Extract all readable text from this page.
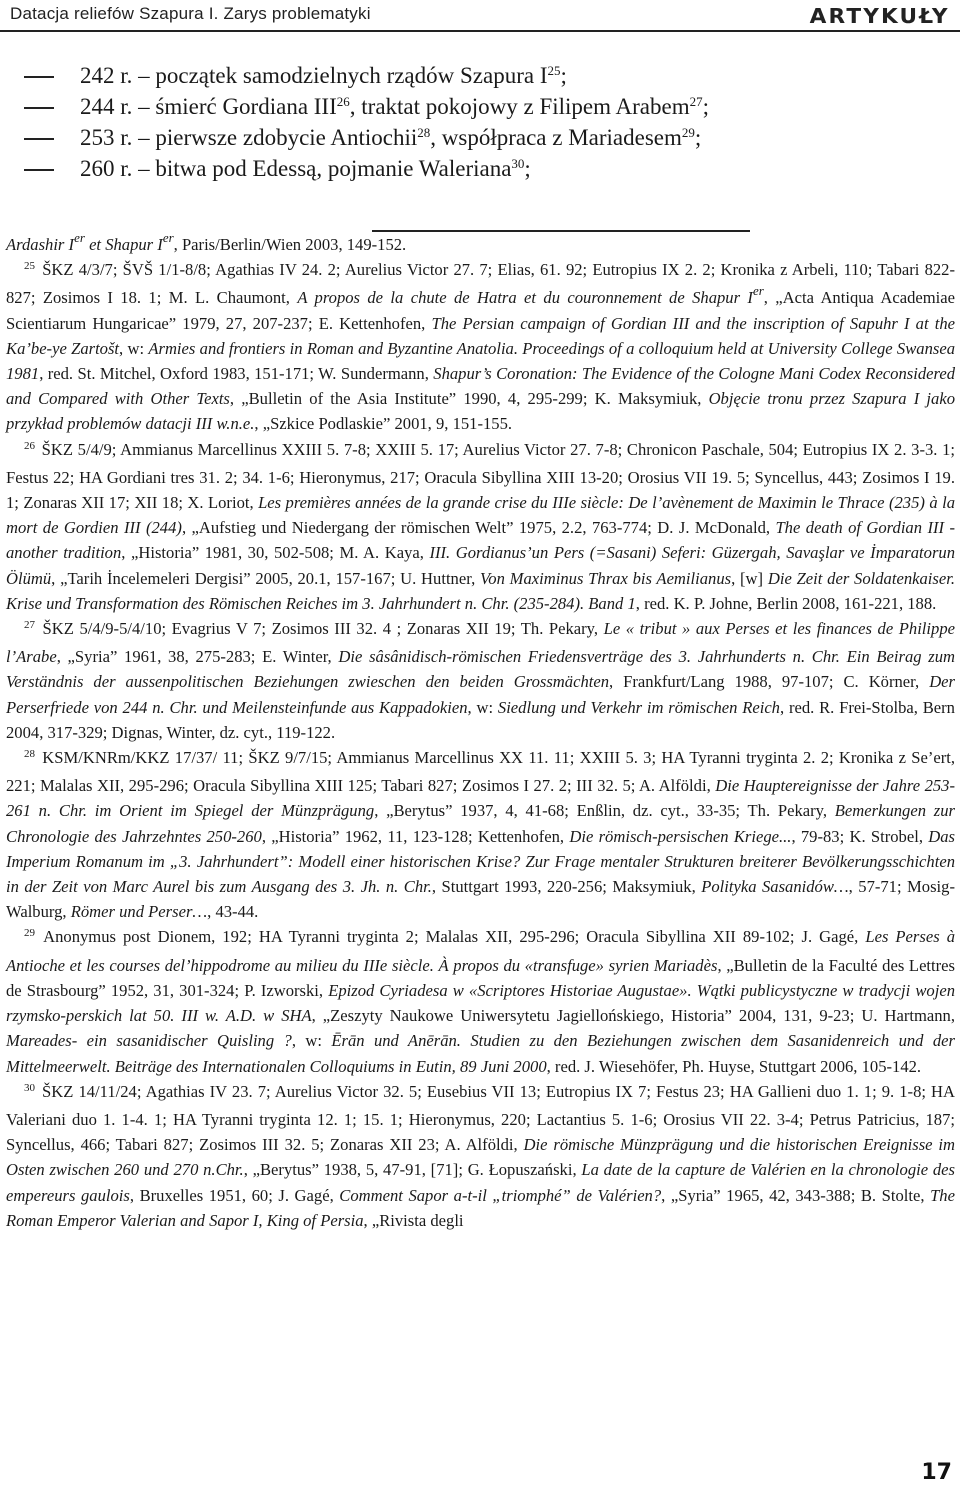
Datacja reliefów Szapura I. Zarys problematyki	ARTYKUŁY
242 r. – początek samodzielnych rządów Szapura $I^{25}$;
244 r. – śmierć Gordiana III$^{26}$, traktat pokojowy z Filipem Arabem$^{27}$;
253 r. – pierwsze zdobycie Antiochii$^{28}$, współpraca z Mariadesem$^{29}$;
260 r. – bitwa pod Edessą, pojmanie Waleriana$^{30}$;

Ardashir Ier et Shapur Ier, Paris/Berlin/Wien 2003, 149-152.

$^{25}$ ŠKZ 4/3/7; ŠVŠ 1/1-8/8; Agathias IV 24. 2; Aurelius Victor 27. 7; Elias, 61. 92; Eutropius IX 2. 2; Kronika z Arbeli, 110; Tabari 822-827; Zosimos I 18. 1; M. L. Chaumont, A propos de la chute de Hatra et du couronnement de Shapur Ier, „Acta Antiqua Academiae Scientiarum Hungaricae” 1979, 27, 207-237; E. Kettenhofen, The Persian campaign of Gordian III and the inscription of Sapuhr I at the Ka’be-ye Zartošt, w: Armies and frontiers in Roman and Byzantine Anatolia. Proceedings of a colloquium held at University College Swansea 1981, red. St. Mitchel, Oxford 1983, 151-171; W. Sundermann, Shapur’s Coronation: The Evidence of the Cologne Mani Codex Reconsidered and Compared with Other Texts, „Bulletin of the Asia Institute” 1990, 4, 295-299; K. Maksymiuk, Objęcie tronu przez Szapura I jako przykład problemów datacji III w.n.e., „Szkice Podlaskie” 2001, 9, 151-155.

$^{26}$ ŠKZ 5/4/9; Ammianus Marcellinus XXIII 5. 7-8; XXIII 5. 17; Aurelius Victor 27. 7-8; Chronicon Paschale, 504; Eutropius IX 2. 3-3. 1; Festus 22; HA Gordiani tres 31. 2; 34. 1-6; Hieronymus, 217; Oracula Sibyllina XIII 13-20; Orosius VII 19. 5; Syncellus, 443; Zosimos I 19. 1; Zonaras XII 17; XII 18; X. Loriot, Les premières années de la grande crise du IIIe siècle: De l’avènement de Maximin le Thrace (235) à la mort de Gordien III (244), „Aufstieg und Niedergang der römischen Welt” 1975, 2.2, 763-774; D. J. McDonald, The death of Gordian III - another tradition, „Historia” 1981, 30, 502-508; M. A. Kaya, III. Gordianus’un Pers (=Sasani) Seferi: Güzergah, Savaşlar ve İmparatorun Ölümü, „Tarih İncelemeleri Dergisi” 2005, 20.1, 157-167; U. Huttner, Von Maximinus Thrax bis Aemilianus, [w] Die Zeit der Soldatenkaiser. Krise und Transformation des Römischen Reiches im 3. Jahrhundert n. Chr. (235-284). Band 1, red. K. P. Johne, Berlin 2008, 161-221, 188.

$^{27}$ ŠKZ 5/4/9-5/4/10; Evagrius V 7; Zosimos III 32. 4 ; Zonaras XII 19; Th. Pekary, Le « tribut » aux Perses et les finances de Philippe l’Arabe, „Syria” 1961, 38, 275-283; E. Winter, Die sâsânidisch-römischen Friedensverträge des 3. Jahrhunderts n. Chr. Ein Beirag zum Verständnis der aussenpolitischen Beziehungen zwieschen den beiden Grossmächten, Frankfurt/Lang 1988, 97-107; C. Körner, Der Perserfriede von 244 n. Chr. und Meilensteinfunde aus Kappadokien, w: Siedlung und Verkehr im römischen Reich, red. R. Frei-Stolba, Bern 2004, 317-329; Dignas, Winter, dz. cyt., 119-122.

$^{28}$ KSM/KNRm/KKZ 17/37/ 11; ŠKZ 9/7/15; Ammianus Marcellinus XX 11. 11; XXIII 5. 3; HA Tyranni tryginta 2. 2; Kronika z Se’ert, 221; Malalas XII, 295-296; Oracula Sibyllina XIII 125; Tabari 827; Zosimos I 27. 2; III 32. 5; A. Alföldi, Die Hauptereignisse der Jahre 253-261 n. Chr. im Orient im Spiegel der Münzprägung, „Berytus” 1937, 4, 41-68; Enßlin, dz. cyt., 33-35; Th. Pekary, Bemerkungen zur Chronologie des Jahrzehntes 250-260, „Historia” 1962, 11, 123-128; Kettenhofen, Die römisch-persischen Kriege..., 79-83; K. Strobel, Das Imperium Romanum im „3. Jahrhundert”: Modell einer historischen Krise? Zur Frage mentaler Strukturen breiterer Bevölkerungsschichten in der Zeit von Marc Aurel bis zum Ausgang des 3. Jh. n. Chr., Stuttgart 1993, 220-256; Maksymiuk, Polityka Sasanidów…, 57-71; Mosig-Walburg, Römer und Perser…, 43-44.

$^{29}$ Anonymus post Dionem, 192; HA Tyranni tryginta 2; Malalas XII, 295-296; Oracula Sibyllina XII 89-102; J. Gagé, Les Perses à Antioche et les courses del’hippodrome au milieu du IIIe siècle. À propos du «transfuge» syrien Mariadès, „Bulletin de la Faculté des Lettres de Strasbourg” 1952, 31, 301-324; P. Izworski, Epizod Cyriadesa w «Scriptores Historiae Augustae». Wątki publicystyczne w tradycji wojen rzymsko-perskich lat 50. III w. A.D. w SHA, „Zeszyty Naukowe Uniwersytetu Jagiellońskiego, Historia” 2004, 131, 9-23; U. Hartmann, Mareades- ein sasanidischer Quisling ?, w: Ērān und Anērān. Studien zu den Beziehungen zwischen dem Sasanidenreich und der Mittelmeerwelt. Beiträge des Internationalen Colloquiums in Eutin, 89 Juni 2000, red. J. Wiesehöfer, Ph. Huyse, Stuttgart 2006, 105-142.

$^{30}$ ŠKZ 14/11/24; Agathias IV 23. 7; Aurelius Victor 32. 5; Eusebius VII 13; Eutropius IX 7; Festus 23; HA Gallieni duo 1. 1; 9. 1-8; HA Valeriani duo 1. 1-4. 1; HA Tyranni tryginta 12. 1; 15. 1; Hieronymus, 220; Lactantius 5. 1-6; Orosius VII 22. 3-4; Petrus Patricius, 187; Syncellus, 466; Tabari 827; Zosimos III 32. 5; Zonaras XII 23; A. Alföldi, Die römische Münzprägung und die historischen Ereignisse im Osten zwischen 260 und 270 n.Chr., „Berytus” 1938, 5, 47-91, [71]; G. Łopuszański, La date de la capture de Valérien en la chronologie des empereurs gaulois, Bruxelles 1951, 60; J. Gagé, Comment Sapor a-t-il „triomphé” de Valérien?, „Syria” 1965, 42, 343-388; B. Stolte, The Roman Emperor Valerian and Sapor I, King of Persia, „Rivista degli

17
